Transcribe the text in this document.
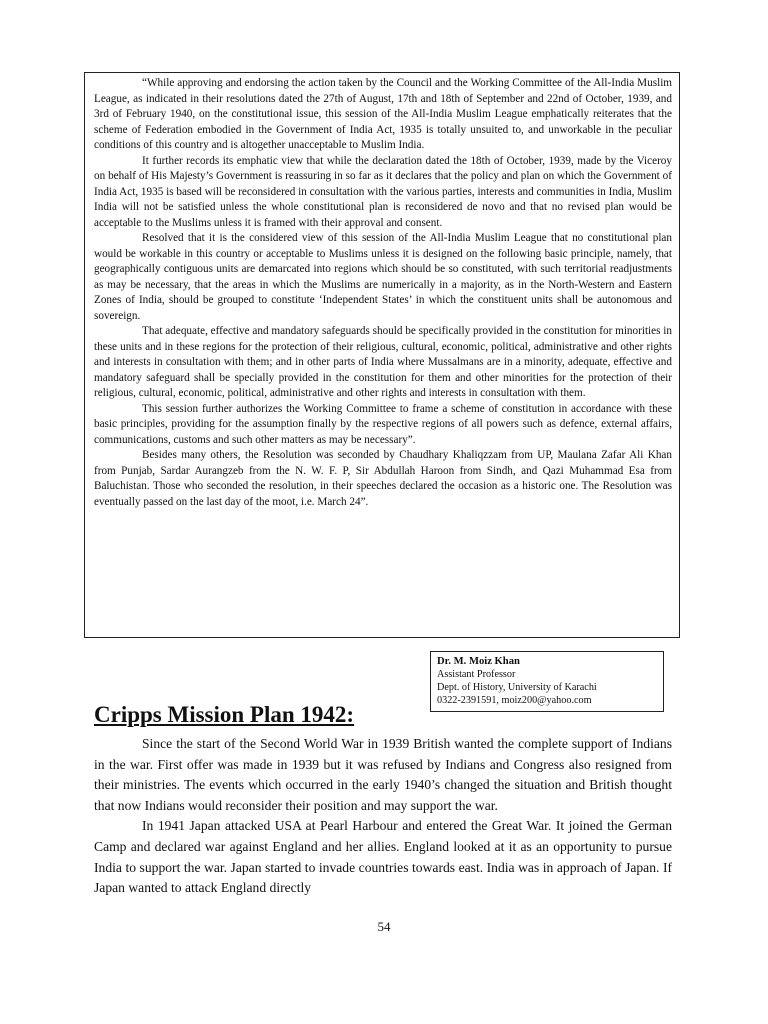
“While approving and endorsing the action taken by the Council and the Working Committee of the All-India Muslim League, as indicated in their resolutions dated the 27th of August, 17th and 18th of September and 22nd of October, 1939, and 3rd of February 1940, on the constitutional issue, this session of the All-India Muslim League emphatically reiterates that the scheme of Federation embodied in the Government of India Act, 1935 is totally unsuited to, and unworkable in the peculiar conditions of this country and is altogether unacceptable to Muslim India.

It further records its emphatic view that while the declaration dated the 18th of October, 1939, made by the Viceroy on behalf of His Majesty’s Government is reassuring in so far as it declares that the policy and plan on which the Government of India Act, 1935 is based will be reconsidered in consultation with the various parties, interests and communities in India, Muslim India will not be satisfied unless the whole constitutional plan is reconsidered de novo and that no revised plan would be acceptable to the Muslims unless it is framed with their approval and consent.

Resolved that it is the considered view of this session of the All-India Muslim League that no constitutional plan would be workable in this country or acceptable to Muslims unless it is designed on the following basic principle, namely, that geographically contiguous units are demarcated into regions which should be so constituted, with such territorial readjustments as may be necessary, that the areas in which the Muslims are numerically in a majority, as in the North-Western and Eastern Zones of India, should be grouped to constitute ‘Independent States’ in which the constituent units shall be autonomous and sovereign.

That adequate, effective and mandatory safeguards should be specifically provided in the constitution for minorities in these units and in these regions for the protection of their religious, cultural, economic, political, administrative and other rights and interests in consultation with them; and in other parts of India where Mussalmans are in a minority, adequate, effective and mandatory safeguard shall be specially provided in the constitution for them and other minorities for the protection of their religious, cultural, economic, political, administrative and other rights and interests in consultation with them.

This session further authorizes the Working Committee to frame a scheme of constitution in accordance with these basic principles, providing for the assumption finally by the respective regions of all powers such as defence, external affairs, communications, customs and such other matters as may be necessary”.

Besides many others, the Resolution was seconded by Chaudhary Khaliqzzam from UP, Maulana Zafar Ali Khan from Punjab, Sardar Aurangzeb from the N. W. F. P, Sir Abdullah Haroon from Sindh, and Qazi Muhammad Esa from Baluchistan. Those who seconded the resolution, in their speeches declared the occasion as a historic one. The Resolution was eventually passed on the last day of the moot, i.e. March 24”.

Dr. M. Moiz Khan
Assistant Professor
Dept. of History, University of Karachi
0322-2391591, moiz200@yahoo.com
Cripps Mission Plan 1942:

Since the start of the Second World War in 1939 British wanted the complete support of Indians in the war. First offer was made in 1939 but it was refused by Indians and Congress also resigned from their ministries. The events which occurred in the early 1940’s changed the situation and British thought that now Indians would reconsider their position and may support the war.

In 1941 Japan attacked USA at Pearl Harbour and entered the Great War. It joined the German Camp and declared war against England and her allies. England looked at it as an opportunity to pursue India to support the war. Japan started to invade countries towards east. India was in approach of Japan. If Japan wanted to attack England directly

54
